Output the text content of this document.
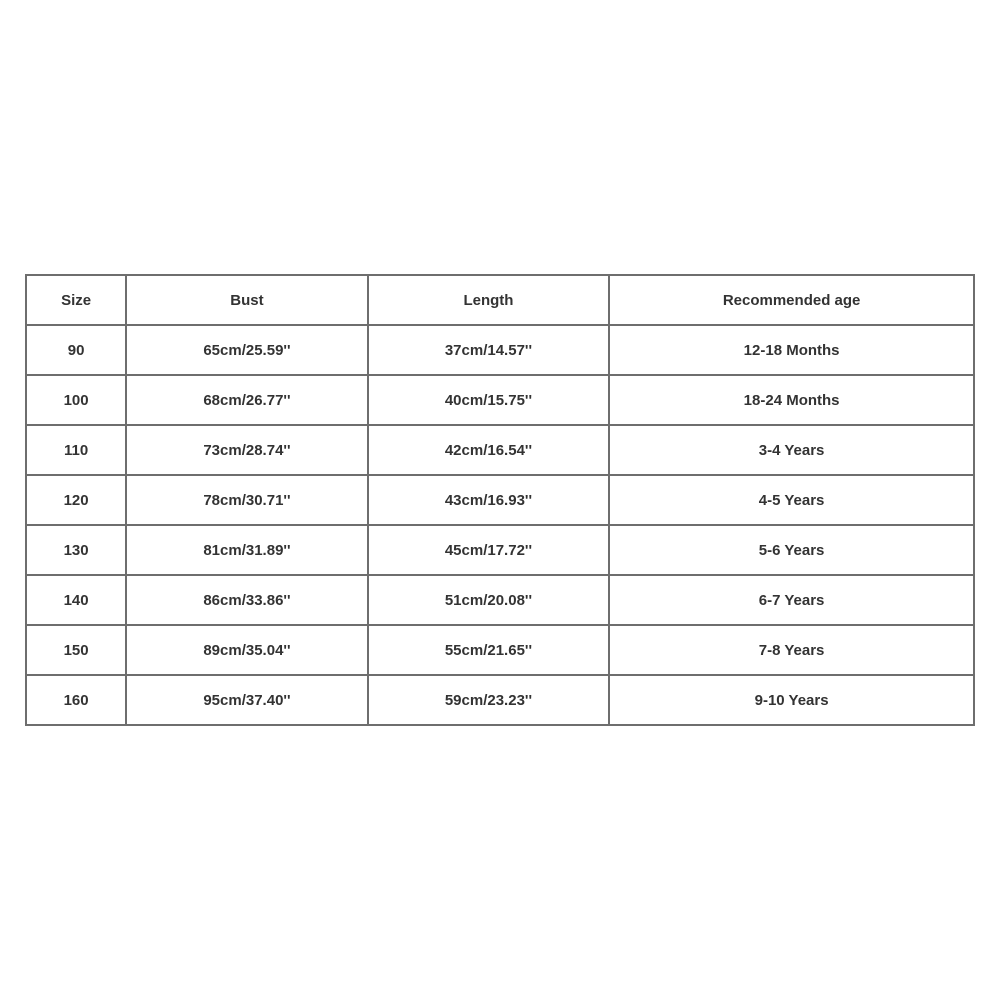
Size	Bust	Length	Recommended age
90	65cm/25.59''	37cm/14.57''	12-18 Months
100	68cm/26.77''	40cm/15.75''	18-24 Months
110	73cm/28.74''	42cm/16.54''	3-4 Years
120	78cm/30.71''	43cm/16.93''	4-5 Years
130	81cm/31.89''	45cm/17.72''	5-6 Years
140	86cm/33.86''	51cm/20.08''	6-7 Years
150	89cm/35.04''	55cm/21.65''	7-8 Years
160	95cm/37.40''	59cm/23.23''	9-10 Years
